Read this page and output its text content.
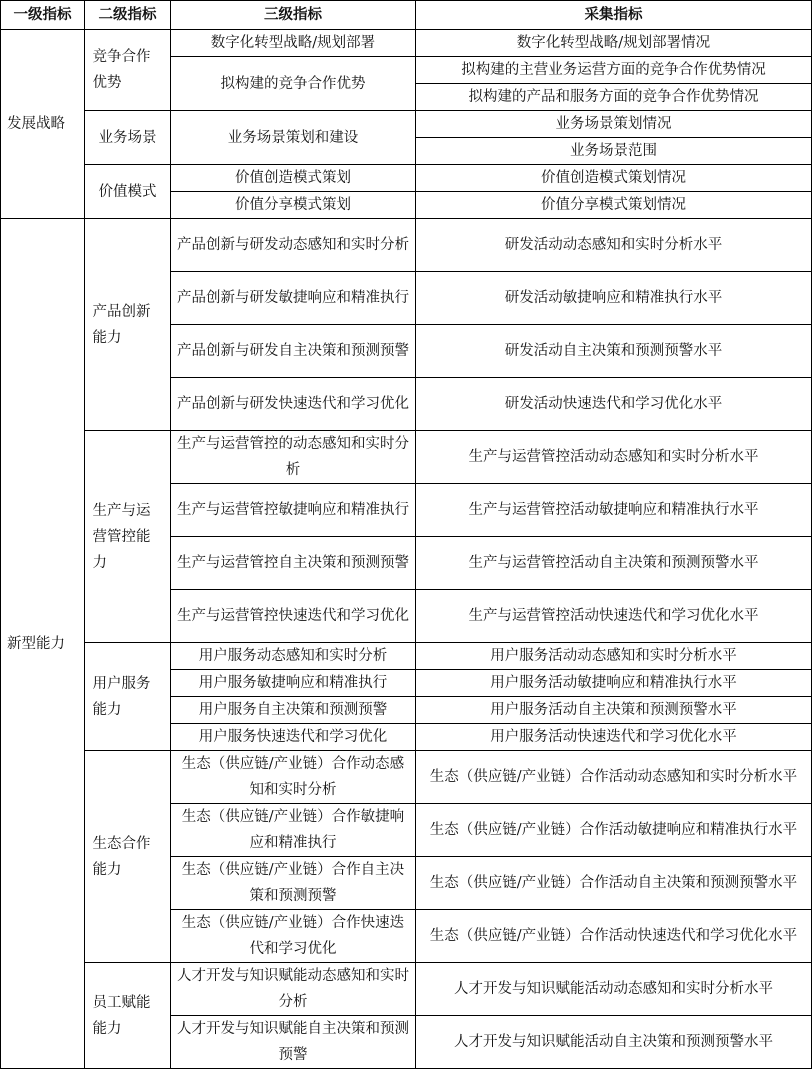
一级指标	二级指标	三级指标	采集指标
发展战略	竞争合作优势	数字化转型战略/规划部署	数字化转型战略/规划部署情况
		拟构建的竞争合作优势	拟构建的主营业务运营方面的竞争合作优势情况
			拟构建的产品和服务方面的竞争合作优势情况
	业务场景	业务场景策划和建设	业务场景策划情况
			业务场景范围
	价值模式	价值创造模式策划	价值创造模式策划情况
		价值分享模式策划	价值分享模式策划情况
新型能力	产品创新能力	产品创新与研发动态感知和实时分析	研发活动动态感知和实时分析水平
		产品创新与研发敏捷响应和精准执行	研发活动敏捷响应和精准执行水平
		产品创新与研发自主决策和预测预警	研发活动自主决策和预测预警水平
		产品创新与研发快速迭代和学习优化	研发活动快速迭代和学习优化水平
	生产与运营管控能力	生产与运营管控的动态感知和实时分析	生产与运营管控活动动态感知和实时分析水平
		生产与运营管控敏捷响应和精准执行	生产与运营管控活动敏捷响应和精准执行水平
		生产与运营管控自主决策和预测预警	生产与运营管控活动自主决策和预测预警水平
		生产与运营管控快速迭代和学习优化	生产与运营管控活动快速迭代和学习优化水平
	用户服务能力	用户服务动态感知和实时分析	用户服务活动动态感知和实时分析水平
		用户服务敏捷响应和精准执行	用户服务活动敏捷响应和精准执行水平
		用户服务自主决策和预测预警	用户服务活动自主决策和预测预警水平
		用户服务快速迭代和学习优化	用户服务活动快速迭代和学习优化水平
	生态合作能力	生态（供应链/产业链）合作动态感知和实时分析	生态（供应链/产业链）合作活动动态感知和实时分析水平
		生态（供应链/产业链）合作敏捷响应和精准执行	生态（供应链/产业链）合作活动敏捷响应和精准执行水平
		生态（供应链/产业链）合作自主决策和预测预警	生态（供应链/产业链）合作活动自主决策和预测预警水平
		生态（供应链/产业链）合作快速迭代和学习优化	生态（供应链/产业链）合作活动快速迭代和学习优化水平
	员工赋能能力	人才开发与知识赋能动态感知和实时分析	人才开发与知识赋能活动动态感知和实时分析水平
		人才开发与知识赋能自主决策和预测预警	人才开发与知识赋能活动自主决策和预测预警水平
